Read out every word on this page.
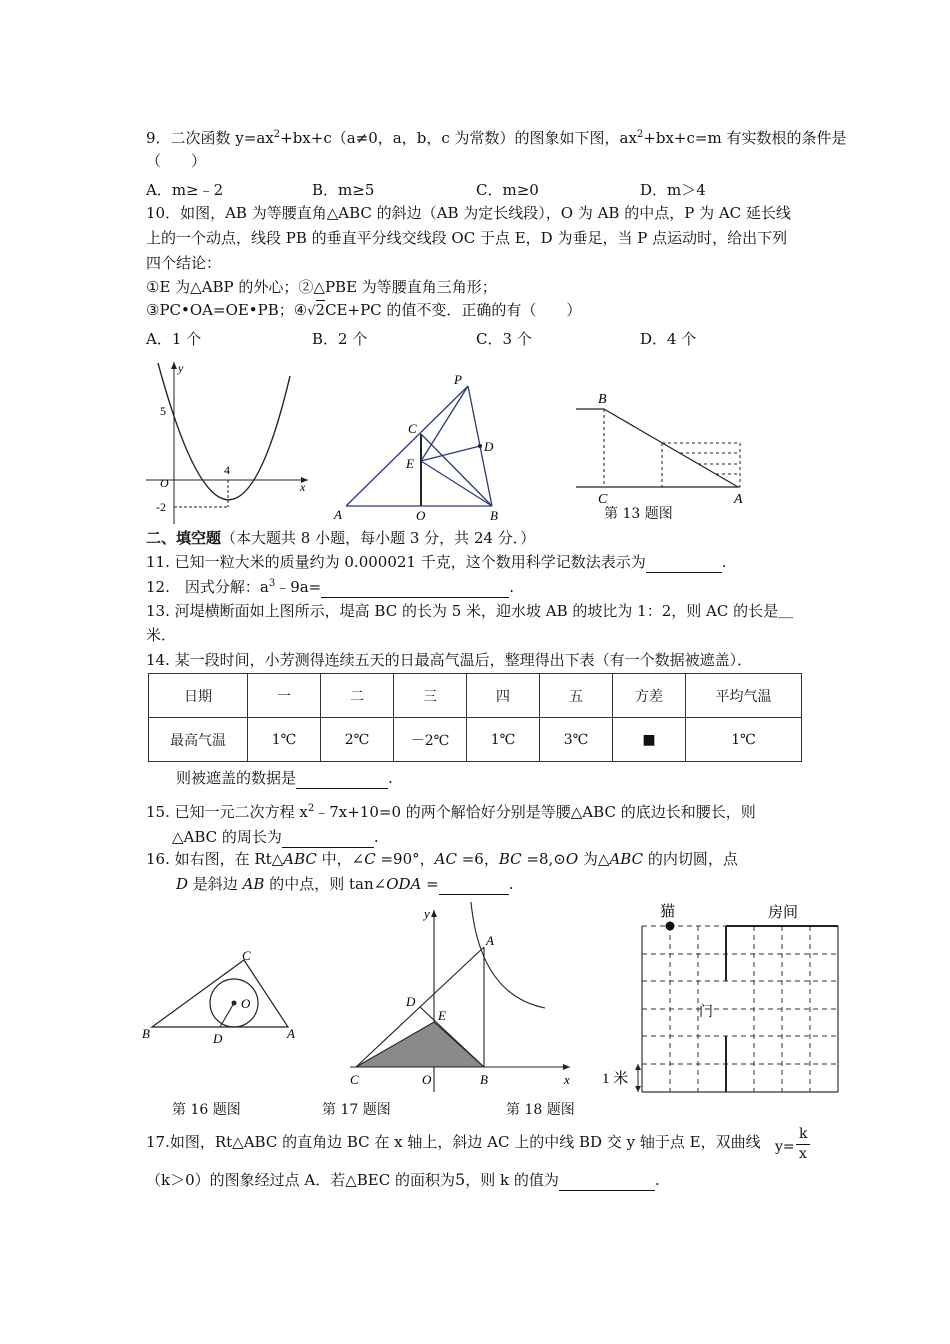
9．二次函数 $y=ax^2+bx+c(a\ne 0$，a，b，c 为常数）的图象如下图，$ax^2+bx+c=m$ 有实数根的条件是
（　　）
A．m≥﹣2	B．m≥5	C．m≥0	D．m＞4
10．如图，AB 为等腰直角△ABC 的斜边（AB 为定长线段），O 为 AB 的中点，P 为 AC 延长线
上的一个动点，线段 PB 的垂直平分线交线段 OC 于点 E，D 为垂足，当 P 点运动时，给出下列
四个结论：
①E 为△ABP 的外心；②△PBE 为等腰直角三角形；
③PC•OA=OE•PB；④√2CE+PC 的值不变．正确的有（　　）
A．1 个	B．2 个	C．3 个	D．4 个
y
x
5
4
O
-2
P
C
D
E
A	O	B
B
C	A
第 13 题图
二、填空题（本大题共 8 小题，每小题 3 分，共 24 分．）
11. 已知一粒大米的质量约为 0.000021 千克，这个数用科学记数法表示为	.
12.　因式分解：$a^3﹣9a=$	.
13. 河堤横断面如上图所示，堤高 BC 的长为 5 米，迎水坡 AB 的坡比为 1：2，则 AC 的长是＿
米．
14. 某一段时间，小芳测得连续五天的日最高气温后，整理得出下表（有一个数据被遮盖）．
日期	一	二	三	四	五	方差	平均气温
最高气温	1℃	2℃	－2℃	1℃	3℃	■	1℃
则被遮盖的数据是	.
15. 已知一元二次方程 $x^2﹣7x+10=0$ 的两个解恰好分别是等腰△ABC 的底边长和腰长，则
△ABC 的周长为	.
16. 如右图，在 Rt△ABC 中，∠C =90°，AC =6，BC =8,⊙O 为△ABC 的内切圆，点
D 是斜边 AB 的中点，则 tan∠ODA =	.
C
O
B	D	A
第 16 题图
y
A
D
E
C	O	B	x
第 17 题图	第 18 题图
猫	房间
门
1 米
17.如图，Rt△ABC 的直角边 BC 在 x 轴上，斜边 AC 上的中线 BD 交 y 轴于点 E，双曲线 y=
k
x
（k＞0）的图象经过点 A．若△BEC 的面积为5，则 k 的值为	.
